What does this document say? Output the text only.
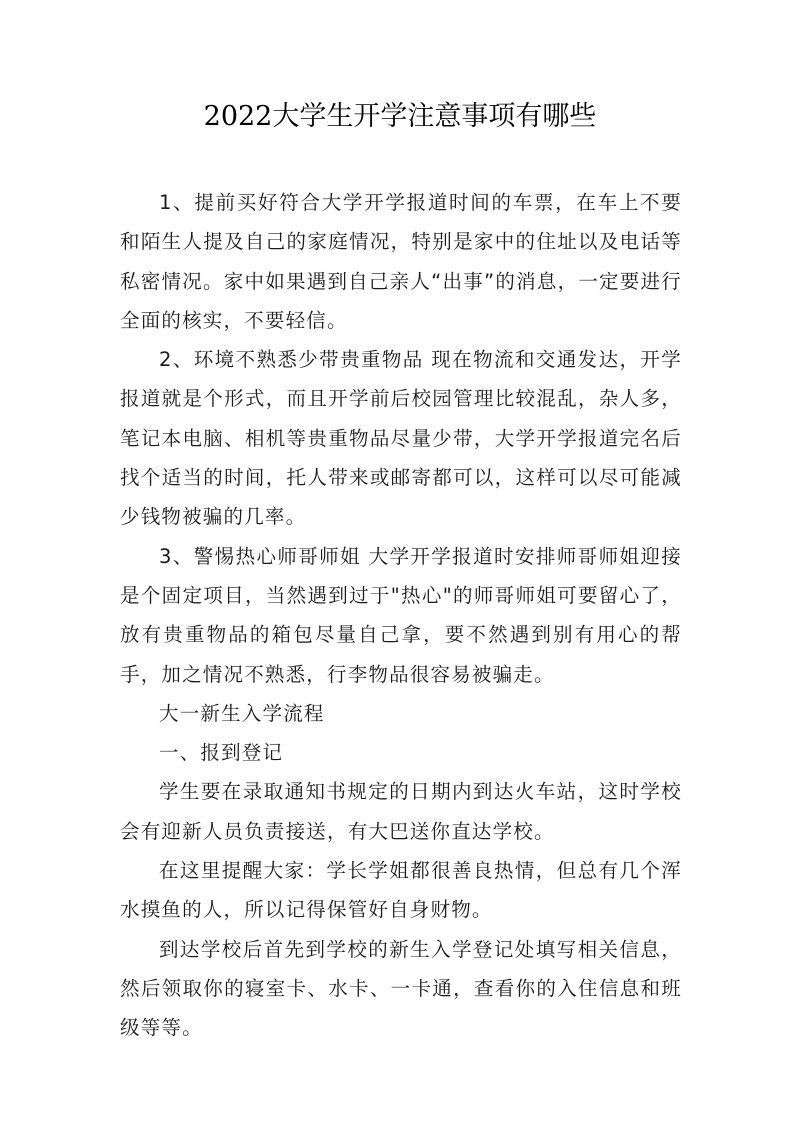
2022大学生开学注意事项有哪些

1、提前买好符合大学开学报道时间的车票，在车上不要和陌生人提及自己的家庭情况，特别是家中的住址以及电话等私密情况。家中如果遇到自己亲人“出事”的消息，一定要进行全面的核实，不要轻信。

2、环境不熟悉少带贵重物品 现在物流和交通发达，开学报道就是个形式，而且开学前后校园管理比较混乱，杂人多，笔记本电脑、相机等贵重物品尽量少带，大学开学报道完名后找个适当的时间，托人带来或邮寄都可以，这样可以尽可能减少钱物被骗的几率。

3、警惕热心师哥师姐 大学开学报道时安排师哥师姐迎接是个固定项目，当然遇到过于"热心"的师哥师姐可要留心了，放有贵重物品的箱包尽量自己拿，要不然遇到别有用心的帮手，加之情况不熟悉，行李物品很容易被骗走。

大一新生入学流程

一、报到登记

学生要在录取通知书规定的日期内到达火车站，这时学校会有迎新人员负责接送，有大巴送你直达学校。

在这里提醒大家：学长学姐都很善良热情，但总有几个浑水摸鱼的人，所以记得保管好自身财物。

到达学校后首先到学校的新生入学登记处填写相关信息，然后领取你的寝室卡、水卡、一卡通，查看你的入住信息和班级等等。
